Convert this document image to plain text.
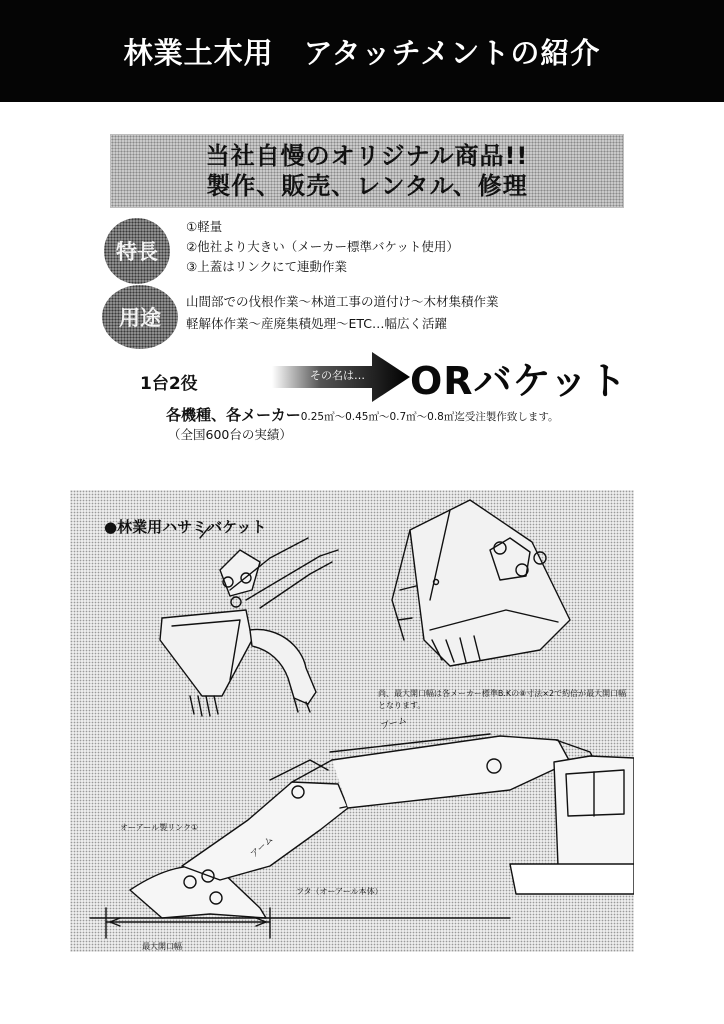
林業土木用　アタッチメントの紹介
当社自慢のオリジナル商品!!
製作、販売、レンタル、修理
特長
①軽量
②他社より大きい（メーカー標準バケット使用）
③上蓋はリンクにて連動作業
用途
山間部での伐根作業～林道工事の道付け～木材集積作業
軽解体作業～産廃集積処理～ETC…幅広く活躍
1台2役	その名は… ORバケット
各機種、各メーカー0.25㎥～0.45㎥～0.7㎥～0.8㎥迄受注製作致します。
（全国600台の実績）
●林業用ハサミバケット
尚、最大開口幅は各メーカー標準B.Kの⑧寸法×2で約倍が最大開口幅となります。
ブーム
アーム
オーアール製リンク①
フタ（オーアール本体）
最大開口幅
